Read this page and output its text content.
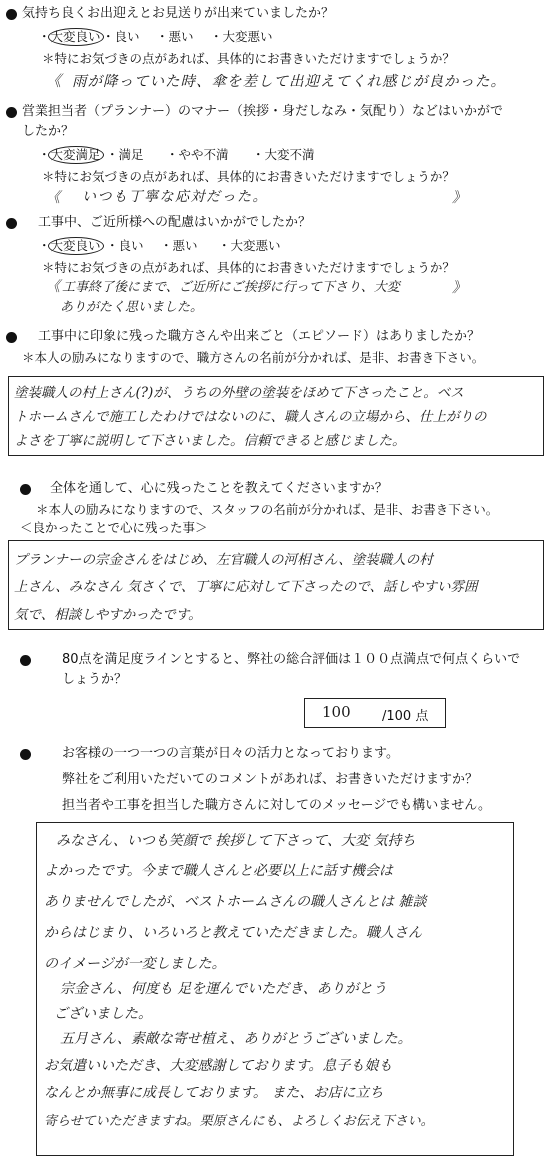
気持ち良くお出迎えとお見送りが出来ていましたか？
・大変良い ・良い	・悪い	・大変悪い
＊特にお気づきの点があれば、具体的にお書きいただけますでしょうか？
《 雨が降っていた時、傘を差して出迎えてくれ感じが良かった。
営業担当者（プランナー）のマナー（挨拶・身だしなみ・気配り）などはいかがで
したか？
・大変満足 ・満足	・やや不満	・大変不満
＊特にお気づきの点があれば、具体的にお書きいただけますでしょうか？
《 いつも丁寧な応対だった。	》
工事中、ご近所様への配慮はいかがでしたか？
・大変良い ・良い	・悪い	・大変悪い
＊特にお気づきの点があれば、具体的にお書きいただけますでしょうか？
《 工事終了後にまで、ご近所にご挨拶に行って下さり、大変	》
ありがたく思いました。
工事中に印象に残った職方さんや出来ごと（エピソード）はありましたか？
＊本人の励みになりますので、職方さんの名前が分かれば、是非、お書き下さい。
塗装職人の村上さん(?)が、うちの外壁の塗装をほめて下さったこと。ベス
トホームさんで施工したわけではないのに、職人さんの立場から、仕上がりの
よさを丁寧に説明して下さいました。信頼できると感じました。
全体を通して、心に残ったことを教えてくださいますか？
＊本人の励みになりますので、スタッフの名前が分かれば、是非、お書き下さい。
＜良かったことで心に残った事＞
プランナーの宗金さんをはじめ、左官職人の河相さん、塗装職人の村
上さん、みなさん 気さくで、丁寧に応対して下さったので、話しやすい雰囲
気で、相談しやすかったです。
80点を満足度ラインとすると、弊社の総合評価は１００点満点で何点くらいで
しょうか？
100 /100 点
お客様の一つ一つの言葉が日々の活力となっております。
弊社をご利用いただいてのコメントがあれば、お書きいただけますか？
担当者や工事を担当した職方さんに対してのメッセージでも構いません。
みなさん、いつも笑顔で 挨拶して下さって、大変 気持ち
よかったです。今まで職人さんと必要以上に話す機会は
ありませんでしたが、ベストホームさんの職人さんとは 雑談
からはじまり、いろいろと教えていただきました。職人さん
のイメージが一変しました。
宗金さん、何度も 足を運んでいただき、ありがとう
ございました。
五月さん、素敵な寄せ植え、ありがとうございました。
お気遣いいただき、大変感謝しております。息子も娘も
なんとか無事に成長しております。 また、お店に立ち
寄らせていただきますね。栗原さんにも、よろしくお伝え下さい。
